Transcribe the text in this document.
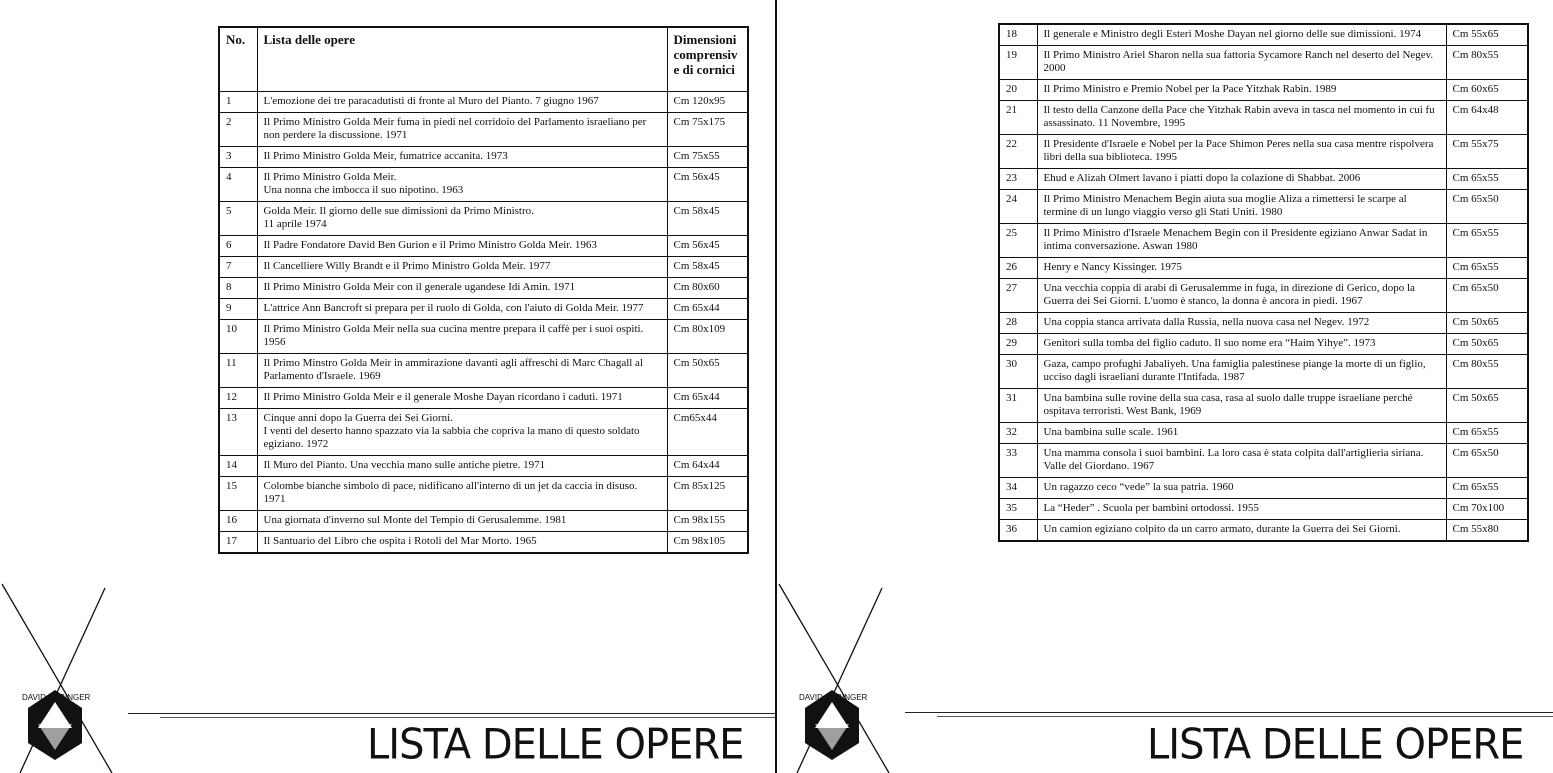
No.	Lista delle opere	Dimensioni comprensiv e di cornici
1	L'emozione dei tre paracadutisti di fronte al Muro del Pianto. 7 giugno 1967	Cm 120x95
2	Il Primo Ministro Golda Meir fuma in piedi nel corridoio del Parlamento israeliano per non perdere la discussione. 1971	Cm 75x175
3	Il Primo Ministro Golda Meir, fumatrice accanita. 1973	Cm 75x55
4	Il Primo Ministro Golda Meir.
Una nonna che imbocca il suo nipotino. 1963	Cm 56x45
5	Golda Meir. Il giorno delle sue dimissioni da Primo Ministro.
11 aprile 1974	Cm 58x45
6	Il Padre Fondatore David Ben Gurion e il Primo Ministro Golda Meir. 1963	Cm 56x45
7	Il Cancelliere Willy Brandt e il Primo Ministro Golda Meir. 1977	Cm 58x45
8	Il Primo Ministro Golda Meir con il generale ugandese Idi Amin. 1971	Cm 80x60
9	L'attrice Ann Bancroft si prepara per il ruolo di Golda, con l'aiuto di Golda Meir. 1977	Cm 65x44
10	Il Primo Ministro Golda Meir nella sua cucina mentre prepara il caffè per i suoi ospiti. 1956	Cm 80x109
11	Il Primo Minstro Golda Meir in ammirazione davanti agli affreschi di Marc Chagall al Parlamento d'Israele. 1969	Cm 50x65
12	Il Primo Ministro Golda Meir e il generale Moshe Dayan ricordano i caduti. 1971	Cm 65x44
13	Cinque anni dopo la Guerra dei Sei Giorni.
I venti del deserto hanno spazzato via la sabbia che copriva la mano di questo soldato egiziano. 1972	Cm65x44
14	Il Muro del Pianto. Una vecchia mano sulle antiche pietre. 1971	Cm 64x44
15	Colombe bianche simbolo di pace, nidificano all'interno di un jet da caccia in disuso. 1971	Cm 85x125
16	Una giornata d'inverno sul Monte del Tempio di Gerusalemme. 1981	Cm 98x155
17	Il Santuario del Libro che ospita i Rotoli del Mar Morto. 1965	Cm 98x105
DAVID RUBINGER
LISTA DELLE OPERE
18	Il generale e Ministro degli Esteri Moshe Dayan nel giorno delle sue dimissioni. 1974	Cm 55x65
19	Il Primo Ministro Ariel Sharon nella sua fattoria Sycamore Ranch nel deserto del Negev. 2000	Cm 80x55
20	Il Primo Ministro e Premio Nobel per la Pace Yitzhak Rabin. 1989	Cm 60x65
21	Il testo della Canzone della Pace che Yitzhak Rabin aveva in tasca nel momento in cui fu assassinato. 11 Novembre, 1995	Cm 64x48
22	Il Presidente d'Israele e Nobel per la Pace Shimon Peres nella sua casa mentre rispolvera libri della sua biblioteca. 1995	Cm 55x75
23	Ehud e Alizah Olmert lavano i piatti dopo la colazione di Shabbat. 2006	Cm 65x55
24	Il Primo Ministro Menachem Begin aiuta sua moglie Aliza a rimettersi le scarpe al termine di un lungo viaggio verso gli Stati Uniti. 1980	Cm 65x50
25	Il Primo Ministro d'Israele Menachem Begin con il Presidente egiziano Anwar Sadat in intima conversazione. Aswan 1980	Cm 65x55
26	Henry e Nancy Kissinger. 1975	Cm 65x55
27	Una vecchia coppia di arabi di Gerusalemme in fuga, in direzione di Gerico, dopo la Guerra dei Sei Giorni. L'uomo è stanco, la donna è ancora in piedi. 1967	Cm 65x50
28	Una coppia stanca arrivata dalla Russia, nella nuova casa nel Negev. 1972	Cm 50x65
29	Genitori sulla tomba del figlio caduto. Il suo nome era “Haim Yihye”. 1973	Cm 50x65
30	Gaza, campo profughi Jabaliyeh. Una famiglia palestinese piange la morte di un figlio, ucciso dagli israeliani durante l'Intifada. 1987	Cm 80x55
31	Una bambina sulle rovine della sua casa, rasa al suolo dalle truppe israeliane perché ospitava terroristi. West Bank, 1969	Cm 50x65
32	Una bambina sulle scale. 1961	Cm 65x55
33	Una mamma consola i suoi bambini. La loro casa è stata colpita dall'artiglieria siriana. Valle del Giordano. 1967	Cm 65x50
34	Un ragazzo ceco “vede” la sua patria. 1960	Cm 65x55
35	La “Heder” . Scuola per bambini ortodossi. 1955	Cm 70x100
36	Un camion egiziano colpito da un carro armato, durante la Guerra dei Sei Giorni.	Cm 55x80
DAVID RUBINGER
LISTA DELLE OPERE
